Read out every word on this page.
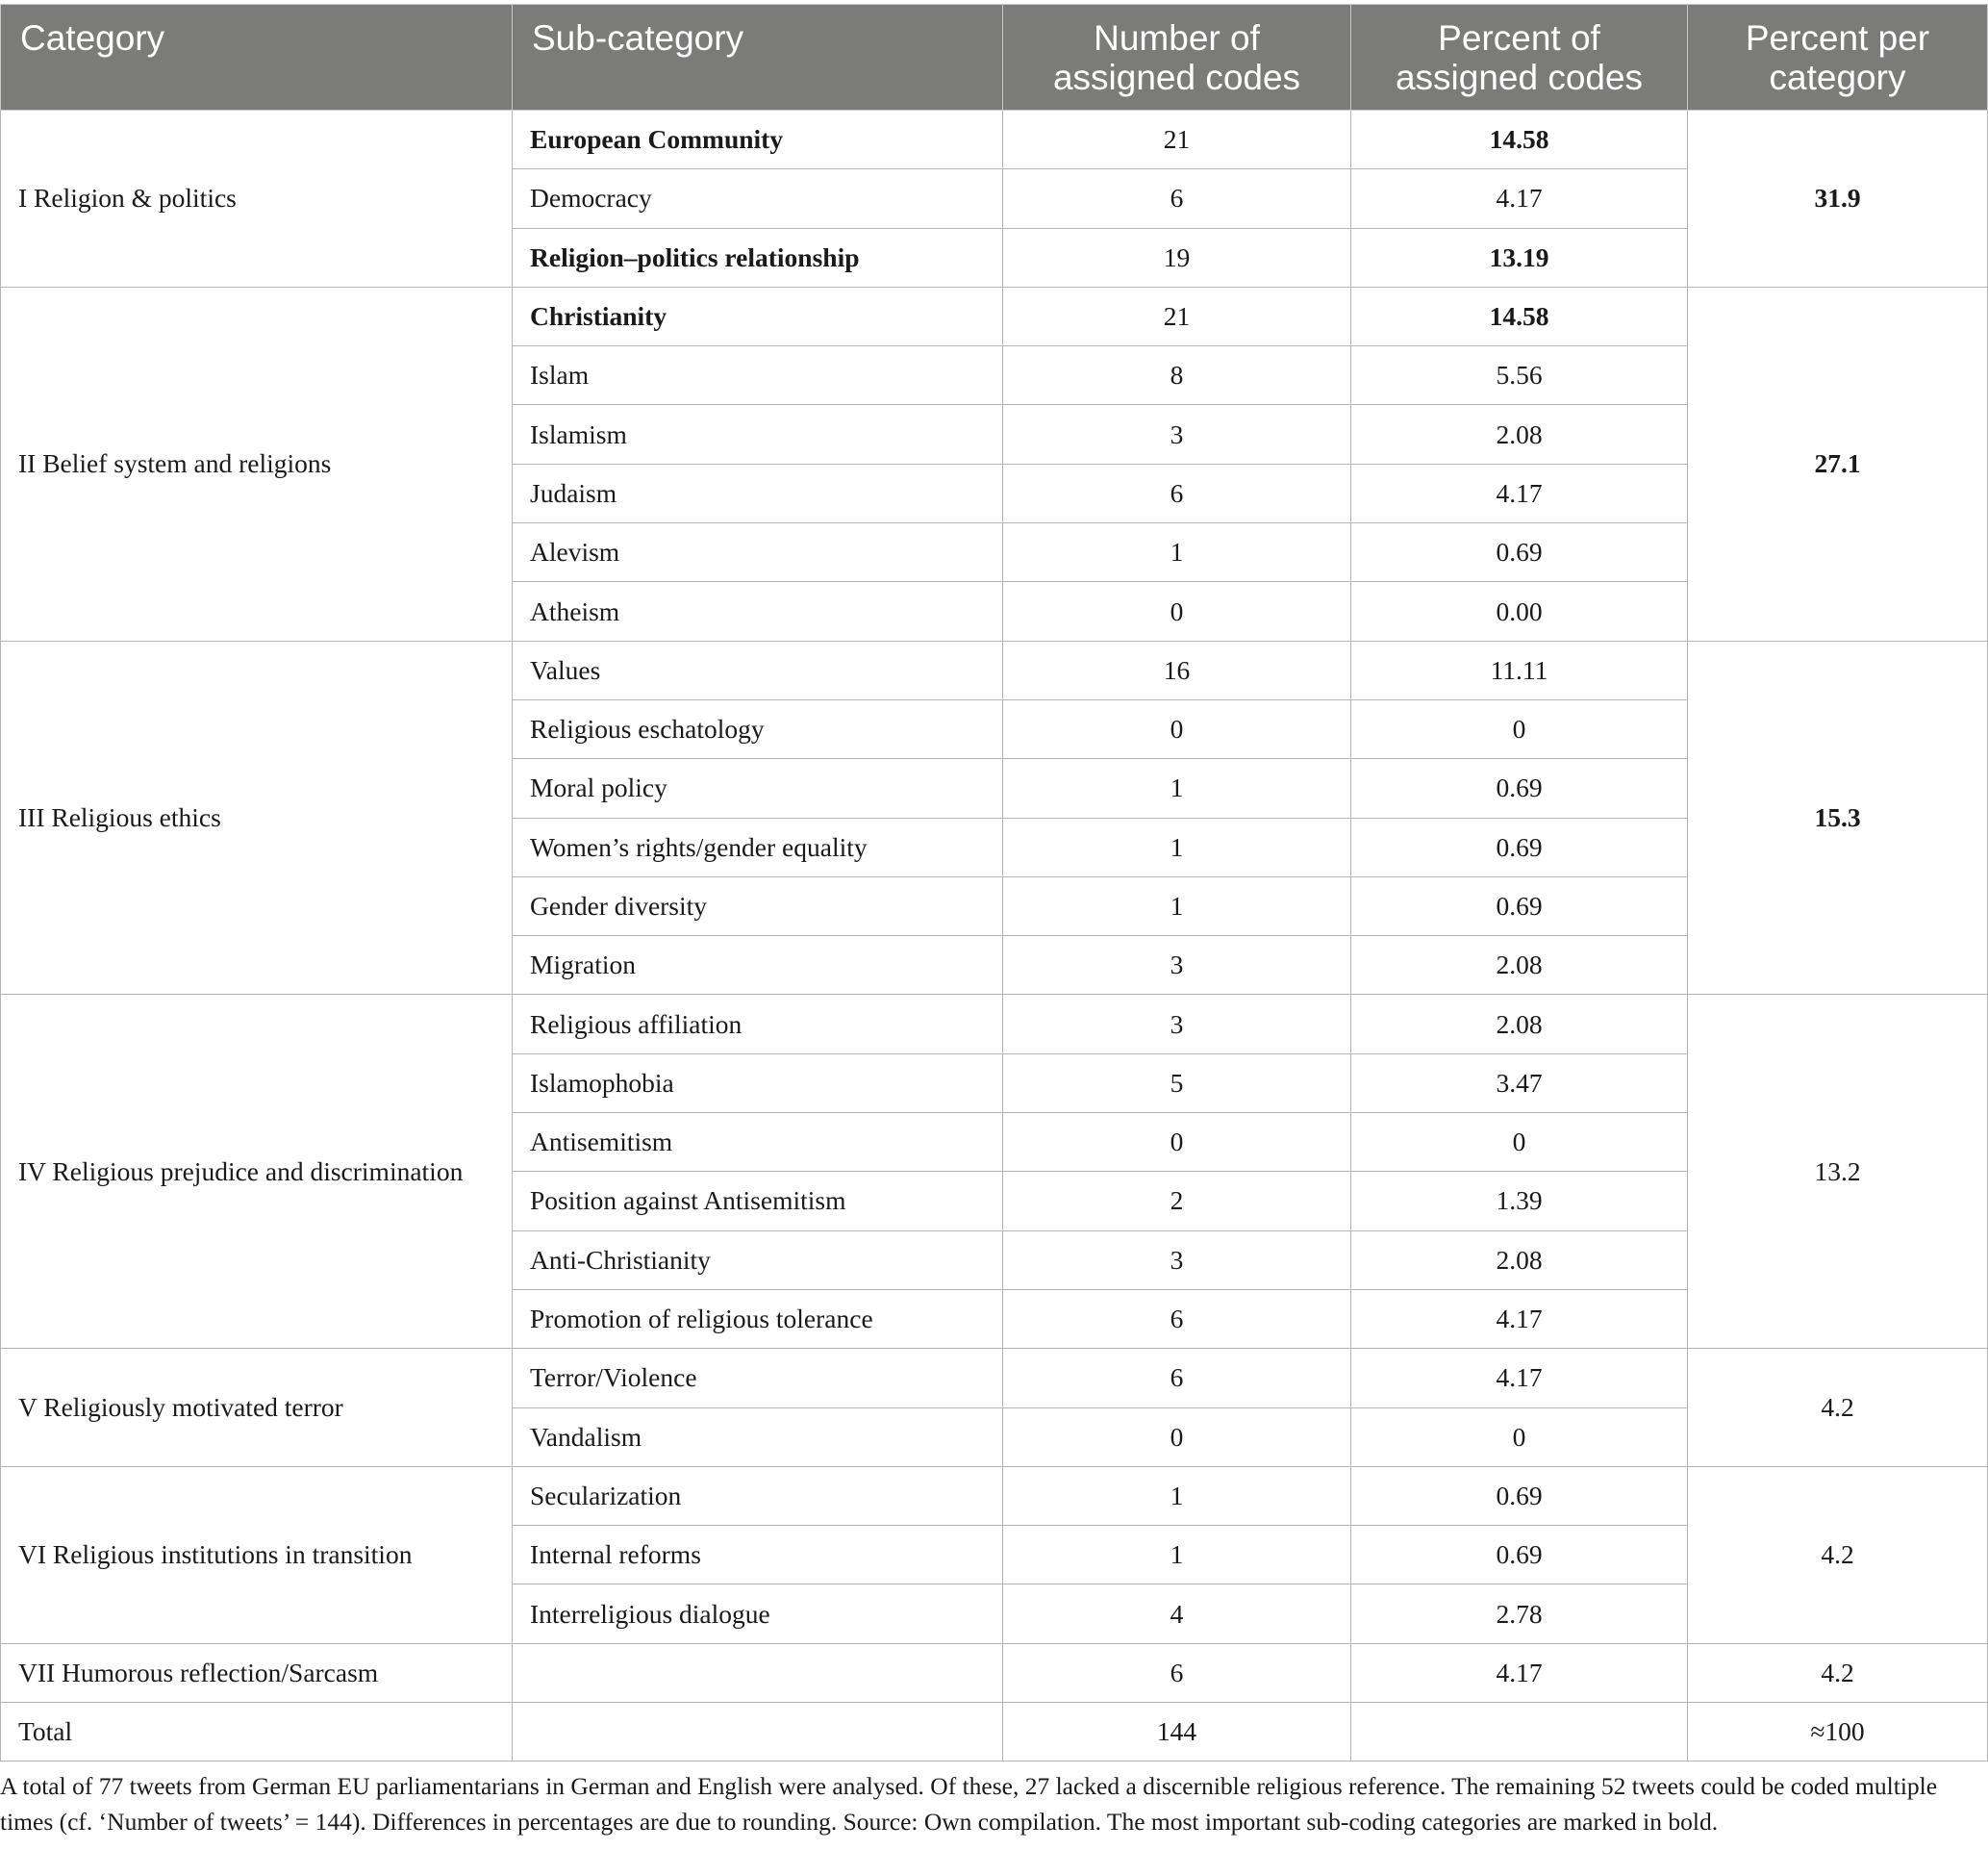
Category	Sub-category	Number of assigned codes	Percent of assigned codes	Percent per category
I Religion & politics	European Community	21	14.58	31.9
	Democracy	6	4.17	
	Religion–politics relationship	19	13.19	
II Belief system and religions	Christianity	21	14.58	27.1
	Islam	8	5.56	
	Islamism	3	2.08	
	Judaism	6	4.17	
	Alevism	1	0.69	
	Atheism	0	0.00	
III Religious ethics	Values	16	11.11	15.3
	Religious eschatology	0	0	
	Moral policy	1	0.69	
	Women’s rights/gender equality	1	0.69	
	Gender diversity	1	0.69	
	Migration	3	2.08	
IV Religious prejudice and discrimination	Religious affiliation	3	2.08	13.2
	Islamophobia	5	3.47	
	Antisemitism	0	0	
	Position against Antisemitism	2	1.39	
	Anti-Christianity	3	2.08	
	Promotion of religious tolerance	6	4.17	
V Religiously motivated terror	Terror/Violence	6	4.17	4.2
	Vandalism	0	0	
VI Religious institutions in transition	Secularization	1	0.69	4.2
	Internal reforms	1	0.69	
	Interreligious dialogue	4	2.78	
VII Humorous reflection/Sarcasm		6	4.17	4.2
Total		144		≈100
A total of 77 tweets from German EU parliamentarians in German and English were analysed. Of these, 27 lacked a discernible religious reference. The remaining 52 tweets could be coded multiple times (cf. ‘Number of tweets’ = 144). Differences in percentages are due to rounding. Source: Own compilation. The most important sub-coding categories are marked in bold.
